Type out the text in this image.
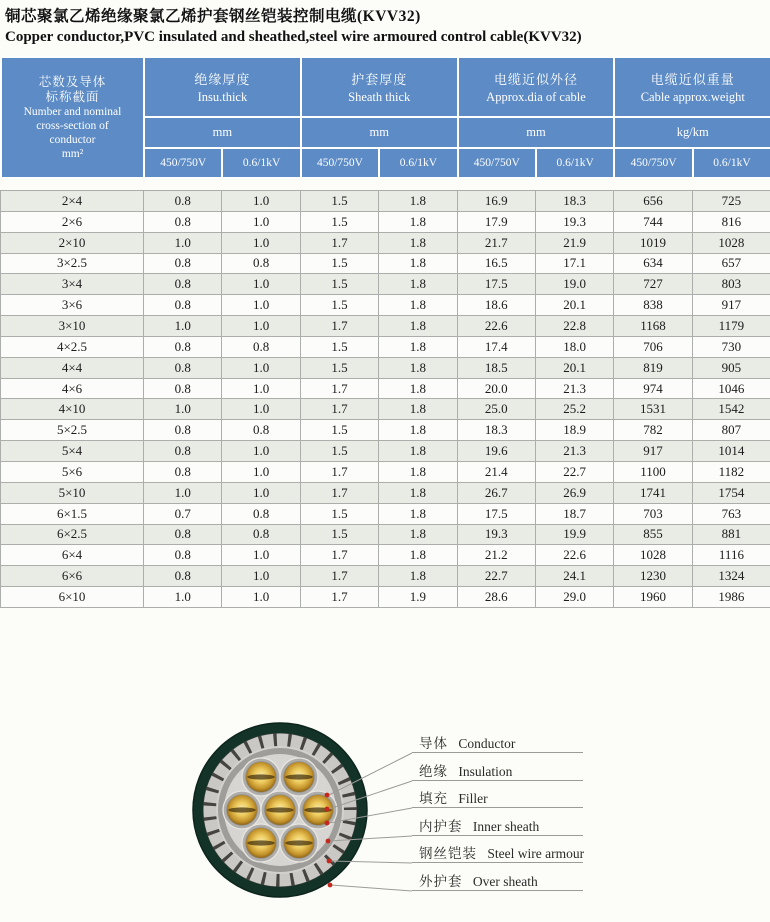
铜芯聚氯乙烯绝缘聚氯乙烯护套钢丝铠装控制电缆(KVV32)
Copper conductor,PVC insulated and sheathed,steel wire armoured control cable(KVV32)
芯数及导体
标称截面
Number and nominal
cross-section of
conductor
mm²	
绝缘厚度
Insu.thick

护套厚度
Sheath thick

电缆近似外径
Approx.dia of cable

电缆近似重量
Cable approx.weight

	mm		mm		mm		kg/km	
	450/750V	0.6/1kV	450/750V	0.6/1kV	450/750V	0.6/1kV	450/750V	0.6/1kV
2×4	0.8	1.0	1.5	1.8	16.9	18.3	656	725
2×6	0.8	1.0	1.5	1.8	17.9	19.3	744	816
2×10	1.0	1.0	1.7	1.8	21.7	21.9	1019	1028
3×2.5	0.8	0.8	1.5	1.8	16.5	17.1	634	657
3×4	0.8	1.0	1.5	1.8	17.5	19.0	727	803
3×6	0.8	1.0	1.5	1.8	18.6	20.1	838	917
3×10	1.0	1.0	1.7	1.8	22.6	22.8	1168	1179
4×2.5	0.8	0.8	1.5	1.8	17.4	18.0	706	730
4×4	0.8	1.0	1.5	1.8	18.5	20.1	819	905
4×6	0.8	1.0	1.7	1.8	20.0	21.3	974	1046
4×10	1.0	1.0	1.7	1.8	25.0	25.2	1531	1542
5×2.5	0.8	0.8	1.5	1.8	18.3	18.9	782	807
5×4	0.8	1.0	1.5	1.8	19.6	21.3	917	1014
5×6	0.8	1.0	1.7	1.8	21.4	22.7	1100	1182
5×10	1.0	1.0	1.7	1.8	26.7	26.9	1741	1754
6×1.5	0.7	0.8	1.5	1.8	17.5	18.7	703	763
6×2.5	0.8	0.8	1.5	1.8	19.3	19.9	855	881
6×4	0.8	1.0	1.7	1.8	21.2	22.6	1028	1116
6×6	0.8	1.0	1.7	1.8	22.7	24.1	1230	1324
6×10	1.0	1.0	1.7	1.9	28.6	29.0	1960	1986
导体 Conductor
绝缘 Insulation
填充 Filler
内护套 Inner sheath
钢丝铠装 Steel wire armour
外护套 Over sheath
